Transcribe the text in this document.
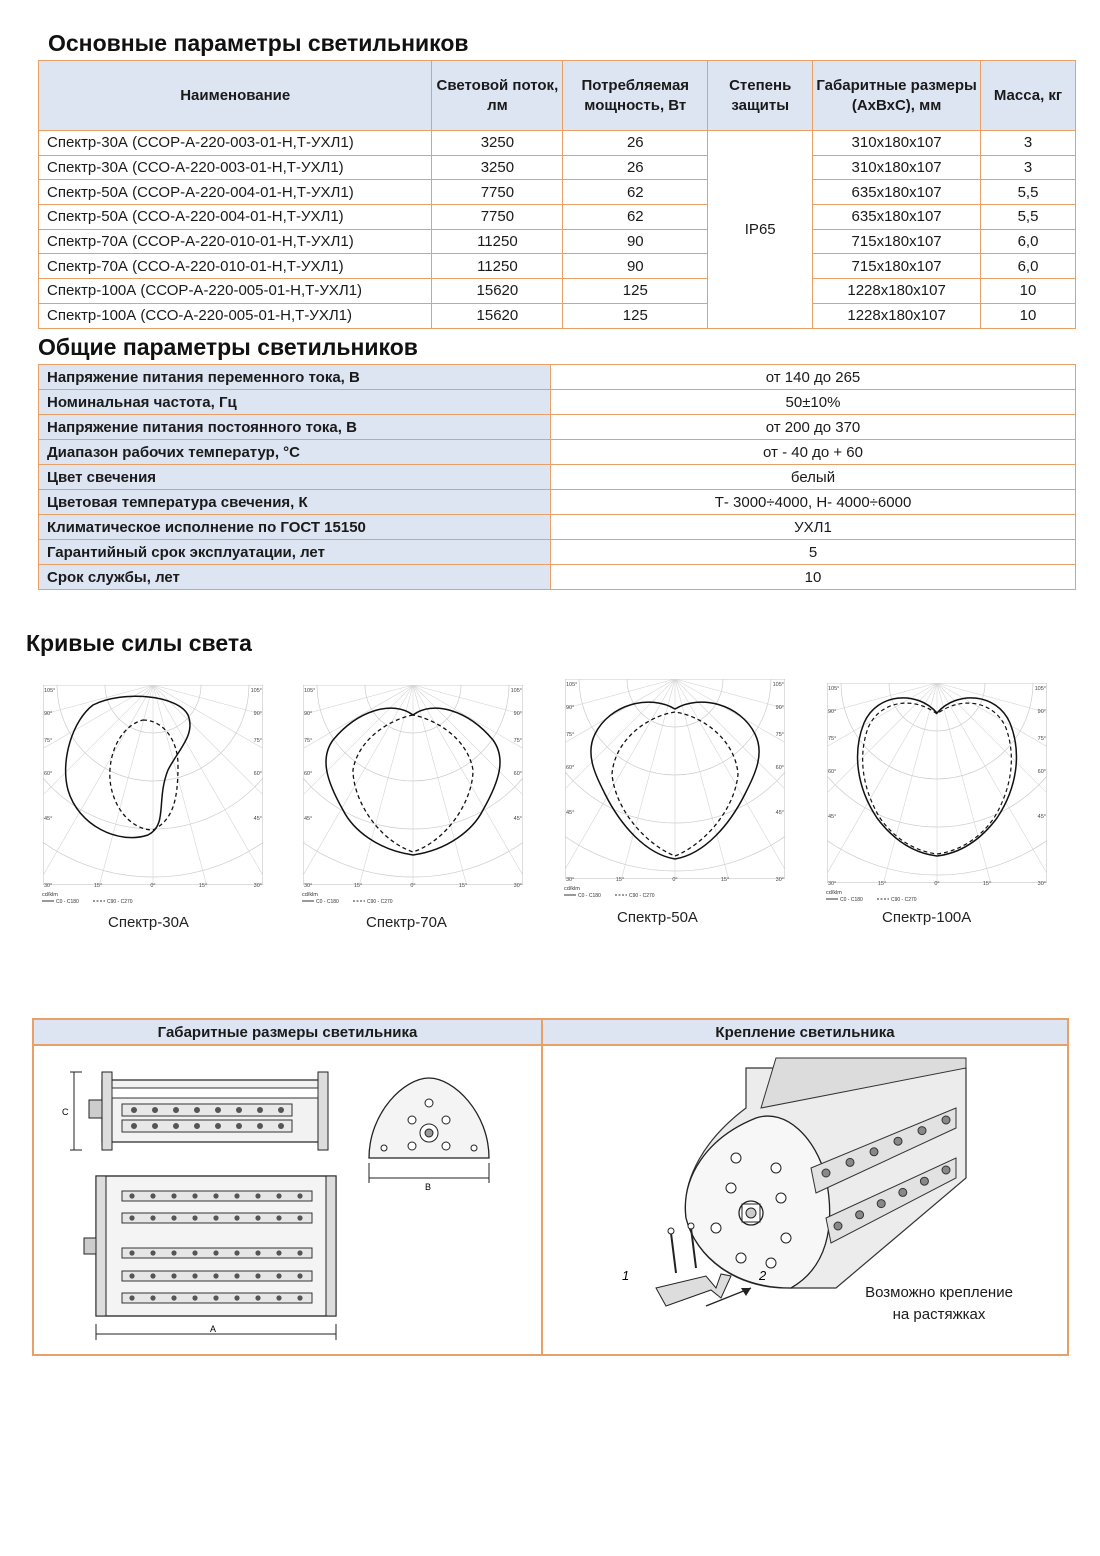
Основные параметры светильников
Общие параметры светильников
Кривые силы света
Наименование	Световой поток, лм	Потребляемая мощность, Вт	Степень защиты	Габаритные размеры (АхВхС), мм	Масса, кг
Спектр-30А (ССОР-А-220-003-01-Н,Т-УХЛ1)	3250	26	IP65	310x180x107	3
Спектр-30А (ССО-А-220-003-01-Н,Т-УХЛ1)	3250	26		310x180x107	3
Спектр-50А (ССОР-А-220-004-01-Н,Т-УХЛ1)	7750	62		635x180x107	5,5
Спектр-50А (ССО-А-220-004-01-Н,Т-УХЛ1)	7750	62		635x180x107	5,5
Спектр-70А (ССОР-А-220-010-01-Н,Т-УХЛ1)	11250	90		715x180x107	6,0
Спектр-70А (ССО-А-220-010-01-Н,Т-УХЛ1)	11250	90		715x180x107	6,0
Спектр-100А (ССОР-А-220-005-01-Н,Т-УХЛ1)	15620	125		1228x180x107	10
Спектр-100А (ССО-А-220-005-01-Н,Т-УХЛ1)	15620	125		1228x180x107	10
Напряжение питания переменного тока, В	от 140 до 265
Номинальная частота, Гц	50±10%
Напряжение питания постоянного тока, В	от 200 до 370
Диапазон рабочих температур, °С	от - 40 до + 60
Цвет свечения	белый
Цветовая температура свечения, К	Т- 3000÷4000, Н- 4000÷6000
Климатическое исполнение по ГОСТ 15150	УХЛ1
Гарантийный срок эксплуатации, лет	5
Срок службы, лет	10
105°	105°
90°	90°
75°	75°
60°	60°
45°	45°
30°	30°
15°	0°	15°
cd/klm
C0 - C180	C90 - C270
Спектр-30А
105°	105°
90°	90°
75°	75°
60°	60°
45°	45°
30°	30°
15°	0°	15°
cd/klm
C0 - C180	C90 - C270
Спектр-70А
105°	105°
90°	90°
75°	75°
60°	60°
45°	45°
30°	30°
15°	0°	15°
cd/klm
C0 - C180	C90 - C270
Спектр-50А
105°	105°
90°	90°
75°	75°
60°	60°
45°	45°
30°	30°
15°	0°	15°
cd/klm
C0 - C180	C90 - C270
Спектр-100А
Габаритные размеры светильника	Крепление светильника
C
B
A
1	2
Возможно крепление
на растяжках
